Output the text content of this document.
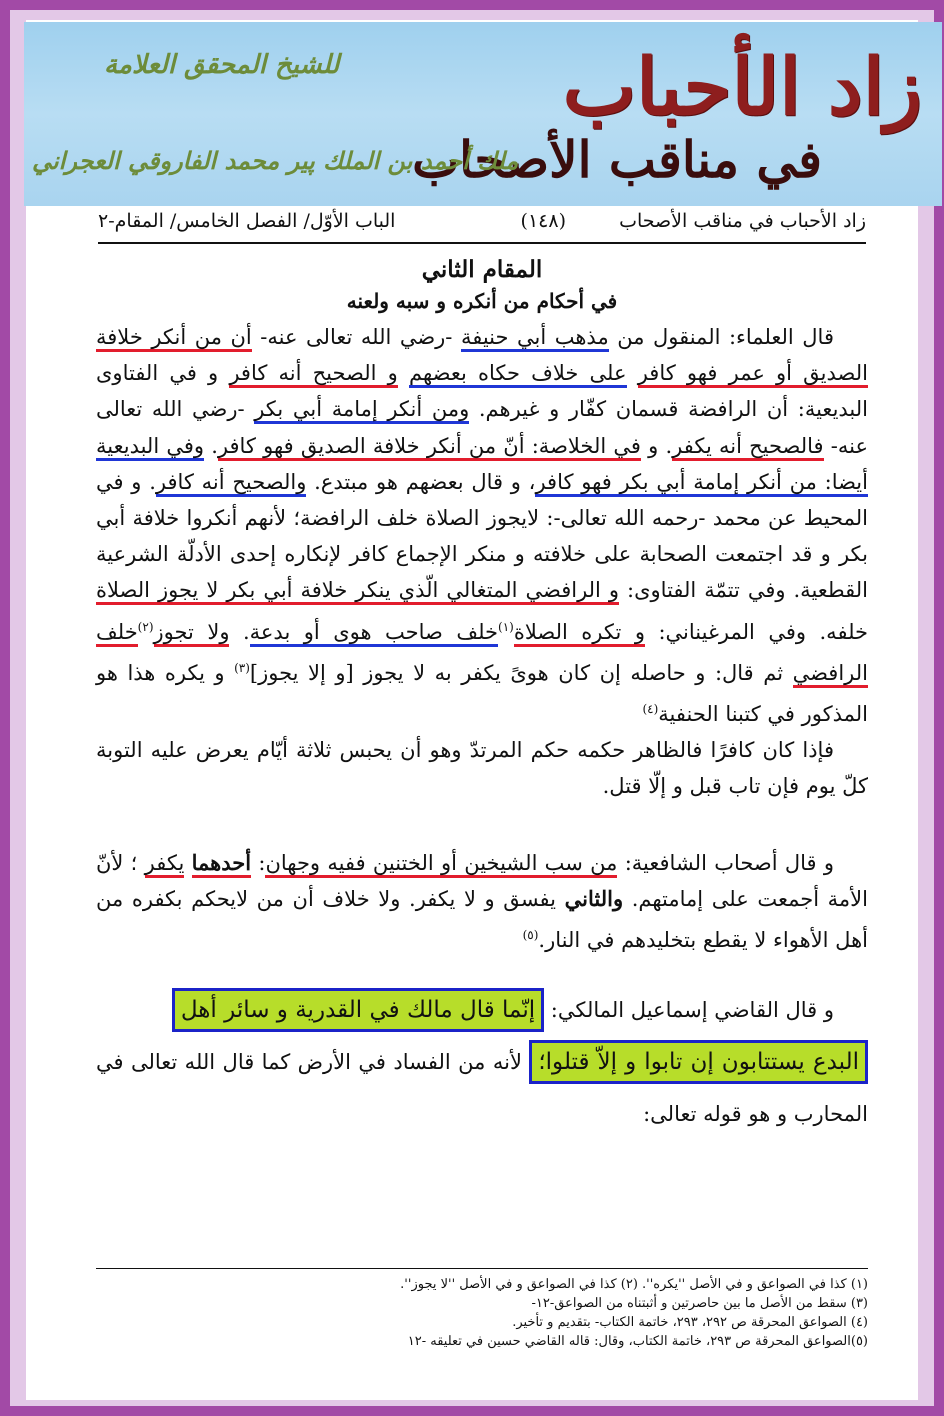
زاد الأحباب
في مناقب الأصحاب
للشيخ المحقق العلامة
ملك أحمد بن الملك پير محمد الفاروقي العجراني
زاد الأحباب في مناقب الأصحاب
(١٤٨)
الباب الأوّل/ الفصل الخامس/ المقام-٢
المقام الثاني
في أحكام من أنكره و سبه ولعنه

قال العلماء: المنقول من مذهب أبي حنيفة -رضي الله تعالى عنه- أن من أنكر خلافة الصديق أو عمر فهو كافر على خلاف حكاه بعضهم و الصحيح أنه كافر و في الفتاوى البديعية: أن الرافضة قسمان كفّار و غيرهم. ومن أنكر إمامة أبي بكر -رضي الله تعالى عنه- فالصحيح أنه يكفر. و في الخلاصة: أنّ من أنكر خلافة الصديق فهو كافر. وفي البديعية أيضا: من أنكر إمامة أبي بكر فهو كافر، و قال بعضهم هو مبتدع. والصحيح أنه كافر. و في المحيط عن محمد -رحمه الله تعالى-: لايجوز الصلاة خلف الرافضة؛ لأنهم أنكروا خلافة أبي بكر و قد اجتمعت الصحابة على خلافته و منكر الإجماع كافر لإنكاره إحدى الأدلّة الشرعية القطعية. وفي تتمّة الفتاوى: و الرافضي المتغالي الّذي ينكر خلافة أبي بكر لا يجوز الصلاة خلفه. وفي المرغيناني: و تكره الصلاة$^{(١)}$خلف صاحب هوى أو بدعة. ولا تجوز$^{(٢)}$خلف الرافضي ثم قال: و حاصله إن كان هوىً يكفر به لا يجوز [و إلا يجوز]$^{(٣)}$ و يكره هذا هو المذكور في كتبنا الحنفية$^{(٤)}$

فإذا كان كافرًا فالظاهر حكمه حكم المرتدّ وهو أن يحبس ثلاثة أيّام يعرض عليه التوبة كلّ يوم فإن تاب قبل و إلّا قتل.

و قال أصحاب الشافعية: من سب الشيخين أو الختنين ففيه وجهان: أحدهما يكفر ؛ لأنّ الأمة أجمعت على إمامتهم. والثاني يفسق و لا يكفر. ولا خلاف أن من لايحكم بكفره من أهل الأهواء لا يقطع بتخليدهم في النار.$^{(٥)}$

و قال القاضي إسماعيل المالكي: إنّما قال مالك في القدرية و سائر أهل
البدع يستتابون إن تابوا و إلاّ قتلوا؛ لأنه من الفساد في الأرض كما قال الله تعالى في المحارب و هو قوله تعالى:

(١) كذا في الصواعق و في الأصل ''يكره''. (٢) كذا في الصواعق و في الأصل ''لا يجوز''.
(٣) سقط من الأصل ما بين حاصرتين و أثبتناه من الصواعق-١٢-
(٤) الصواعق المحرقة ص ٢٩٢، ٢٩٣، خاتمة الكتاب- بتقديم و تأخير.
(٥)الصواعق المحرقة ص ٢٩٣، خاتمة الكتاب، وقال: قاله القاضي حسين في تعليقه -١٢
